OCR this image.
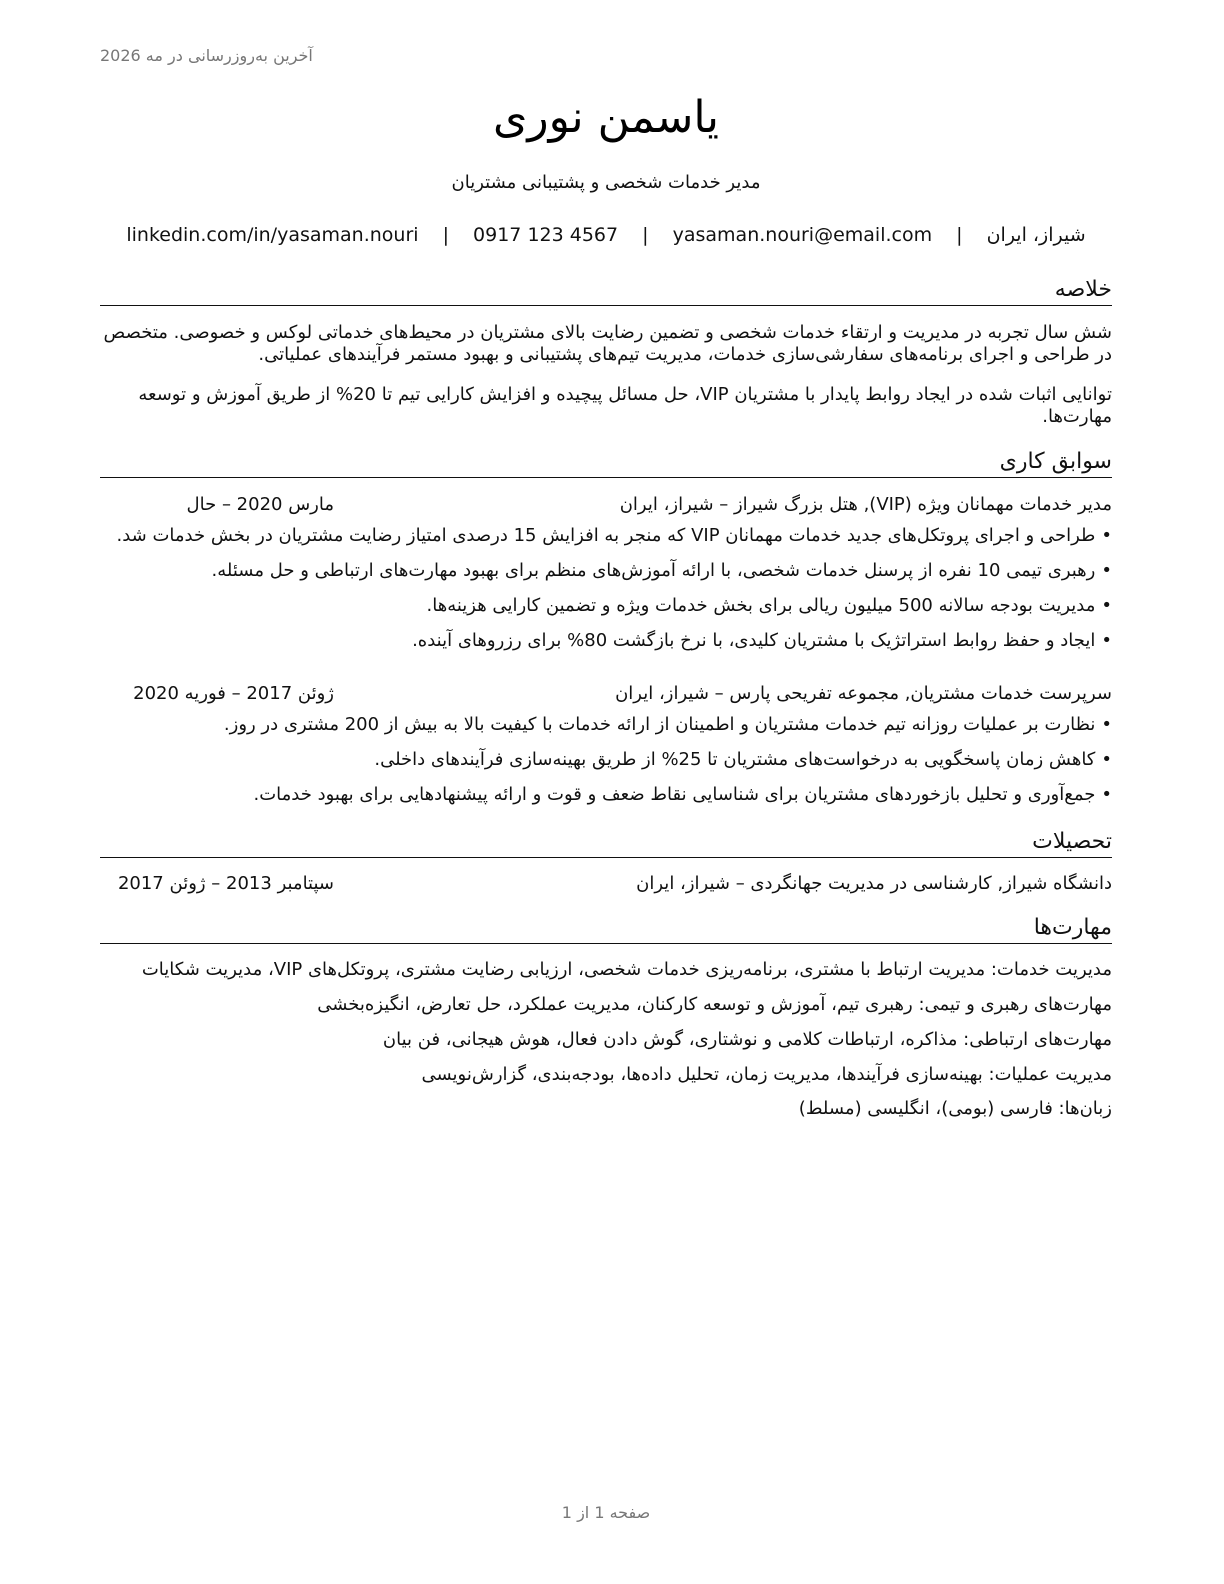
آخرین به‌روزرسانی در مه 2026
یاسمن نوری
مدیر خدمات شخصی و پشتیبانی مشتریان
شیراز، ایران | yasaman.nouri@email.com | 0917 123 4567 | linkedin.com/in/yasaman.nouri
خلاصه
شش سال تجربه در مدیریت و ارتقاء خدمات شخصی و تضمین رضایت بالای مشتریان در محیط‌های خدماتی لوکس و خصوصی. متخصص در طراحی و اجرای برنامه‌های سفارشی‌سازی خدمات، مدیریت تیم‌های پشتیبانی و بهبود مستمر فرآیندهای عملیاتی.
توانایی اثبات شده در ایجاد روابط پایدار با مشتریان VIP، حل مسائل پیچیده و افزایش کارایی تیم تا 20% از طریق آموزش و توسعه مهارت‌ها.
سوابق کاری
مدیر خدمات مهمانان ویژه (VIP), هتل بزرگ شیراز – شیراز، ایران
مارس 2020 – حال
•طراحی و اجرای پروتکل‌های جدید خدمات مهمانان VIP که منجر به افزایش 15 درصدی امتیاز رضایت مشتریان در بخش خدمات شد.
•رهبری تیمی 10 نفره از پرسنل خدمات شخصی، با ارائه آموزش‌های منظم برای بهبود مهارت‌های ارتباطی و حل مسئله.
•مدیریت بودجه سالانه 500 میلیون ریالی برای بخش خدمات ویژه و تضمین کارایی هزینه‌ها.
•ایجاد و حفظ روابط استراتژیک با مشتریان کلیدی، با نرخ بازگشت 80% برای رزروهای آینده.
سرپرست خدمات مشتریان, مجموعه تفریحی پارس – شیراز، ایران
ژوئن 2017 – فوریه 2020
•نظارت بر عملیات روزانه تیم خدمات مشتریان و اطمینان از ارائه خدمات با کیفیت بالا به بیش از 200 مشتری در روز.
•کاهش زمان پاسخگویی به درخواست‌های مشتریان تا 25% از طریق بهینه‌سازی فرآیندهای داخلی.
•جمع‌آوری و تحلیل بازخوردهای مشتریان برای شناسایی نقاط ضعف و قوت و ارائه پیشنهادهایی برای بهبود خدمات.
تحصیلات
دانشگاه شیراز, کارشناسی در مدیریت جهانگردی – شیراز، ایران
سپتامبر 2013 – ژوئن 2017
مهارت‌ها
مدیریت خدمات: مدیریت ارتباط با مشتری، برنامه‌ریزی خدمات شخصی، ارزیابی رضایت مشتری، پروتکل‌های VIP، مدیریت شکایات
مهارت‌های رهبری و تیمی: رهبری تیم، آموزش و توسعه کارکنان، مدیریت عملکرد، حل تعارض، انگیزه‌بخشی
مهارت‌های ارتباطی: مذاکره، ارتباطات کلامی و نوشتاری، گوش دادن فعال، هوش هیجانی، فن بیان
مدیریت عملیات: بهینه‌سازی فرآیندها، مدیریت زمان، تحلیل داده‌ها، بودجه‌بندی، گزارش‌نویسی
زبان‌ها: فارسی (بومی)، انگلیسی (مسلط)
صفحه 1 از 1
